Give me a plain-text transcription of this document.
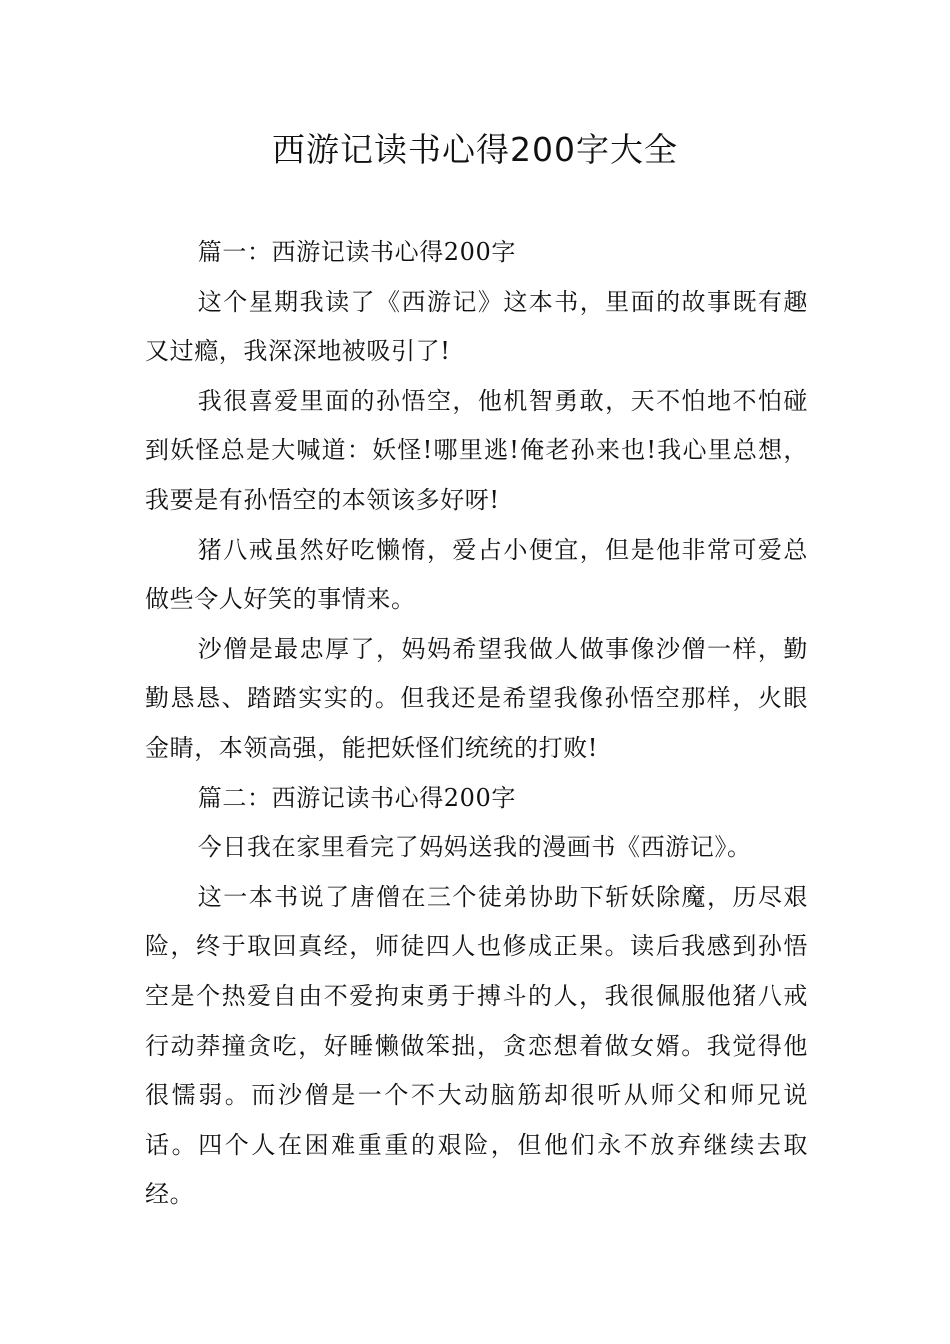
西游记读书心得200字大全

篇一：西游记读书心得200字

这个星期我读了《西游记》这本书，里面的故事既有趣又过瘾，我深深地被吸引了!

我很喜爱里面的孙悟空，他机智勇敢，天不怕地不怕碰到妖怪总是大喊道：妖怪!哪里逃!俺老孙来也!我心里总想，我要是有孙悟空的本领该多好呀!

猪八戒虽然好吃懒惰，爱占小便宜，但是他非常可爱总做些令人好笑的事情来。

沙僧是最忠厚了，妈妈希望我做人做事像沙僧一样，勤勤恳恳、踏踏实实的。但我还是希望我像孙悟空那样，火眼金睛，本领高强，能把妖怪们统统的打败!

篇二：西游记读书心得200字

今日我在家里看完了妈妈送我的漫画书《西游记》。

这一本书说了唐僧在三个徒弟协助下斩妖除魔，历尽艰险，终于取回真经，师徒四人也修成正果。读后我感到孙悟空是个热爱自由不爱拘束勇于搏斗的人，我很佩服他猪八戒行动莽撞贪吃，好睡懒做笨拙，贪恋想着做女婿。我觉得他很懦弱。而沙僧是一个不大动脑筋却很听从师父和师兄说话。四个人在困难重重的艰险，但他们永不放弃继续去取经。
